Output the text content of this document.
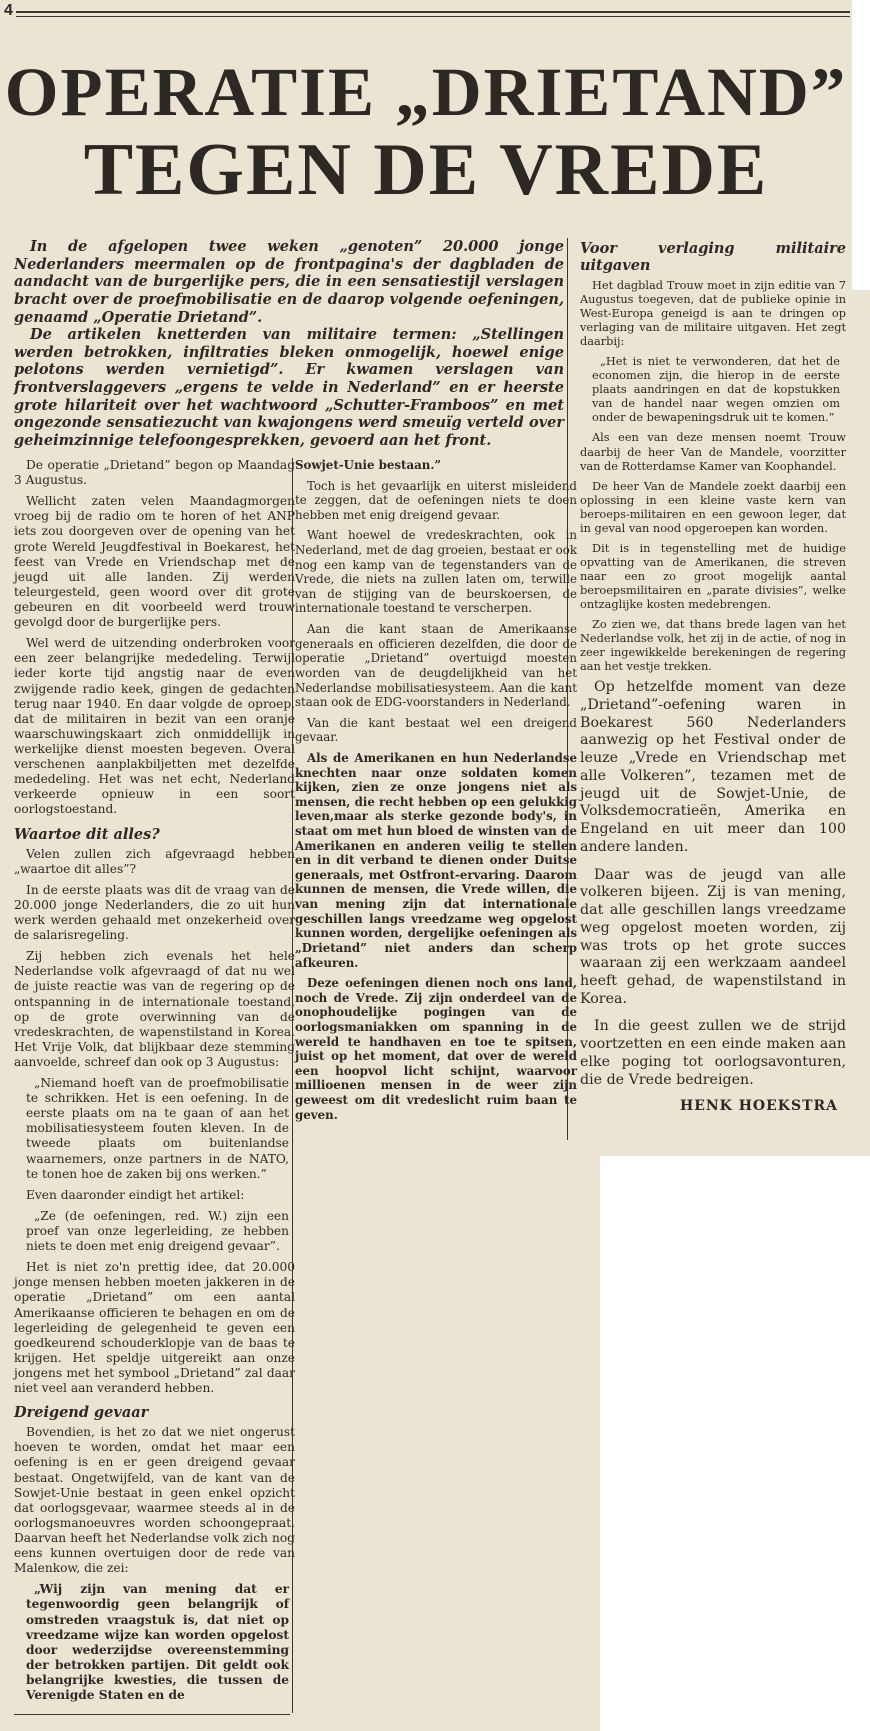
4
OPERATIE „DRIETAND”
TEGEN DE VREDE

In de afgelopen twee weken „genoten” 20.000 jonge Nederlanders meermalen op de frontpagina's der dagbladen de aandacht van de burgerlijke pers, die in een sensatiestijl verslagen bracht over de proefmobilisatie en de daarop volgende oefeningen, genaamd „Operatie Drietand”.

De artikelen knetterden van militaire termen: „Stellingen werden betrokken, infiltraties bleken onmogelijk, hoewel enige pelotons werden vernietigd”. Er kwamen verslagen van frontverslaggevers „ergens te velde in Nederland” en er heerste grote hilariteit over het wachtwoord „Schutter-Framboos” en met ongezonde sensatiezucht van kwajongens werd smeuïg verteld over geheimzinnige telefoongesprekken, gevoerd aan het front.

De operatie „Drietand” begon op Maandag 3 Augustus.

Wellicht zaten velen Maandagmorgen vroeg bij de radio om te horen of het ANP iets zou doorgeven over de opening van het grote Wereld Jeugdfestival in Boekarest, het feest van Vrede en Vriendschap met de jeugd uit alle landen. Zij werden teleurgesteld, geen woord over dit grote gebeuren en dit voorbeeld werd trouw gevolgd door de burgerlijke pers.

Wel werd de uitzending onderbroken voor een zeer belangrijke mededeling. Terwijl ieder korte tijd angstig naar de even zwijgende radio keek, gingen de gedachten terug naar 1940. En daar volgde de oproep, dat de militairen in bezit van een oranje waarschuwingskaart zich onmiddellijk in werkelijke dienst moesten begeven. Overal verschenen aanplakbiljetten met dezelfde mededeling. Het was net echt, Nederland verkeerde opnieuw in een soort oorlogstoestand.

Waartoe dit alles?

Velen zullen zich afgevraagd hebben „waartoe dit alles”?

In de eerste plaats was dit de vraag van de 20.000 jonge Nederlanders, die zo uit hun werk werden gehaald met onzekerheid over de salarisregeling.

Zij hebben zich evenals het hele Nederlandse volk afgevraagd of dat nu wel de juiste reactie was van de regering op de ontspanning in de internationale toestand, op de grote overwinning van de vredeskrachten, de wapenstilstand in Korea. Het Vrije Volk, dat blijkbaar deze stemming aanvoelde, schreef dan ook op 3 Augustus:

„Niemand hoeft van de proefmobilisatie te schrikken. Het is een oefening. In de eerste plaats om na te gaan of aan het mobilisatiesysteem fouten kleven. In de tweede plaats om buitenlandse waarnemers, onze partners in de NATO, te tonen hoe de zaken bij ons werken.”

Even daaronder eindigt het artikel:

„Ze (de oefeningen, red. W.) zijn een proef van onze legerleiding, ze hebben niets te doen met enig dreigend gevaar”.

Het is niet zo'n prettig idee, dat 20.000 jonge mensen hebben moeten jakkeren in de operatie „Drietand” om een aantal Amerikaanse officieren te behagen en om de legerleiding de gelegenheid te geven een goedkeurend schouderklopje van de baas te krijgen. Het speldje uitgereikt aan onze jongens met het symbool „Drietand” zal daar niet veel aan veranderd hebben.

Dreigend gevaar

Bovendien, is het zo dat we niet ongerust hoeven te worden, omdat het maar een oefening is en er geen dreigend gevaar bestaat. Ongetwijfeld, van de kant van de Sowjet-Unie bestaat in geen enkel opzicht dat oorlogsgevaar, waarmee steeds al in de oorlogsmanoeuvres worden schoongepraat. Daarvan heeft het Nederlandse volk zich nog eens kunnen overtuigen door de rede van Malenkow, die zei:

„Wij zijn van mening dat er tegenwoordig geen belangrijk of omstreden vraagstuk is, dat niet op vreedzame wijze kan worden opgelost door wederzijdse overeenstemming der betrokken partijen. Dit geldt ook belangrijke kwesties, die tussen de Verenigde Staten en de

Sowjet-Unie bestaan.”

Toch is het gevaarlijk en uiterst misleidend te zeggen, dat de oefeningen niets te doen hebben met enig dreigend gevaar.

Want hoewel de vredeskrachten, ook in Nederland, met de dag groeien, bestaat er ook nog een kamp van de tegenstanders van de Vrede, die niets na zullen laten om, terwille van de stijging van de beurskoersen, de internationale toestand te verscherpen.

Aan die kant staan de Amerikaanse generaals en officieren dezelfden, die door de operatie „Drietand” overtuigd moesten worden van de deugdelijkheid van het Nederlandse mobilisatiesysteem. Aan die kant staan ook de EDG-voorstanders in Nederland.

Van die kant bestaat wel een dreigend gevaar.

Als de Amerikanen en hun Nederlandse knechten naar onze soldaten komen kijken, zien ze onze jongens niet als mensen, die recht hebben op een gelukkig leven,maar als sterke gezonde body's, in staat om met hun bloed de winsten van de Amerikanen en anderen veilig te stellen en in dit verband te dienen onder Duitse generaals, met Ostfront-ervaring. Daarom kunnen de mensen, die Vrede willen, die van mening zijn dat internationale geschillen langs vreedzame weg opgelost kunnen worden, dergelijke oefeningen als „Drietand” niet anders dan scherp afkeuren.

Deze oefeningen dienen noch ons land, noch de Vrede. Zij zijn onderdeel van de onophoudelijke pogingen van de oorlogsmaniakken om spanning in de wereld te handhaven en toe te spitsen, juist op het moment, dat over de wereld een hoopvol licht schijnt, waarvoor millioenen mensen in de weer zijn geweest om dit vredeslicht ruim baan te geven.

Voor verlaging militaire uitgaven

Het dagblad Trouw moet in zijn editie van 7 Augustus toegeven, dat de publieke opinie in West-Europa geneigd is aan te dringen op verlaging van de militaire uitgaven. Het zegt daarbij:

„Het is niet te verwonderen, dat het de economen zijn, die hierop in de eerste plaats aandringen en dat de kopstukken van de handel naar wegen omzien om onder de bewapeningsdruk uit te komen.”

Als een van deze mensen noemt Trouw daarbij de heer Van de Mandele, voorzitter van de Rotterdamse Kamer van Koophandel.

De heer Van de Mandele zoekt daarbij een oplossing in een kleine vaste kern van beroeps-militairen en een gewoon leger, dat in geval van nood opgeroepen kan worden.

Dit is in tegenstelling met de huidige opvatting van de Amerikanen, die streven naar een zo groot mogelijk aantal beroepsmilitairen en „parate divisies”, welke ontzaglijke kosten medebrengen.

Zo zien we, dat thans brede lagen van het Nederlandse volk, het zij in de actie, of nog in zeer ingewikkelde berekeningen de regering aan het vestje trekken.

Op hetzelfde moment van deze „Drietand”-oefening waren in Boekarest 560 Nederlanders aanwezig op het Festival onder de leuze „Vrede en Vriendschap met alle Volkeren”, tezamen met de jeugd uit de Sowjet-Unie, de Volksdemocratieën, Amerika en Engeland en uit meer dan 100 andere landen.

Daar was de jeugd van alle volkeren bijeen. Zij is van mening, dat alle geschillen langs vreedzame weg opgelost moeten worden, zij was trots op het grote succes waaraan zij een werkzaam aandeel heeft gehad, de wapenstilstand in Korea.

In die geest zullen we de strijd voortzetten en een einde maken aan elke poging tot oorlogsavonturen, die de Vrede bedreigen.

HENK HOEKSTRA
